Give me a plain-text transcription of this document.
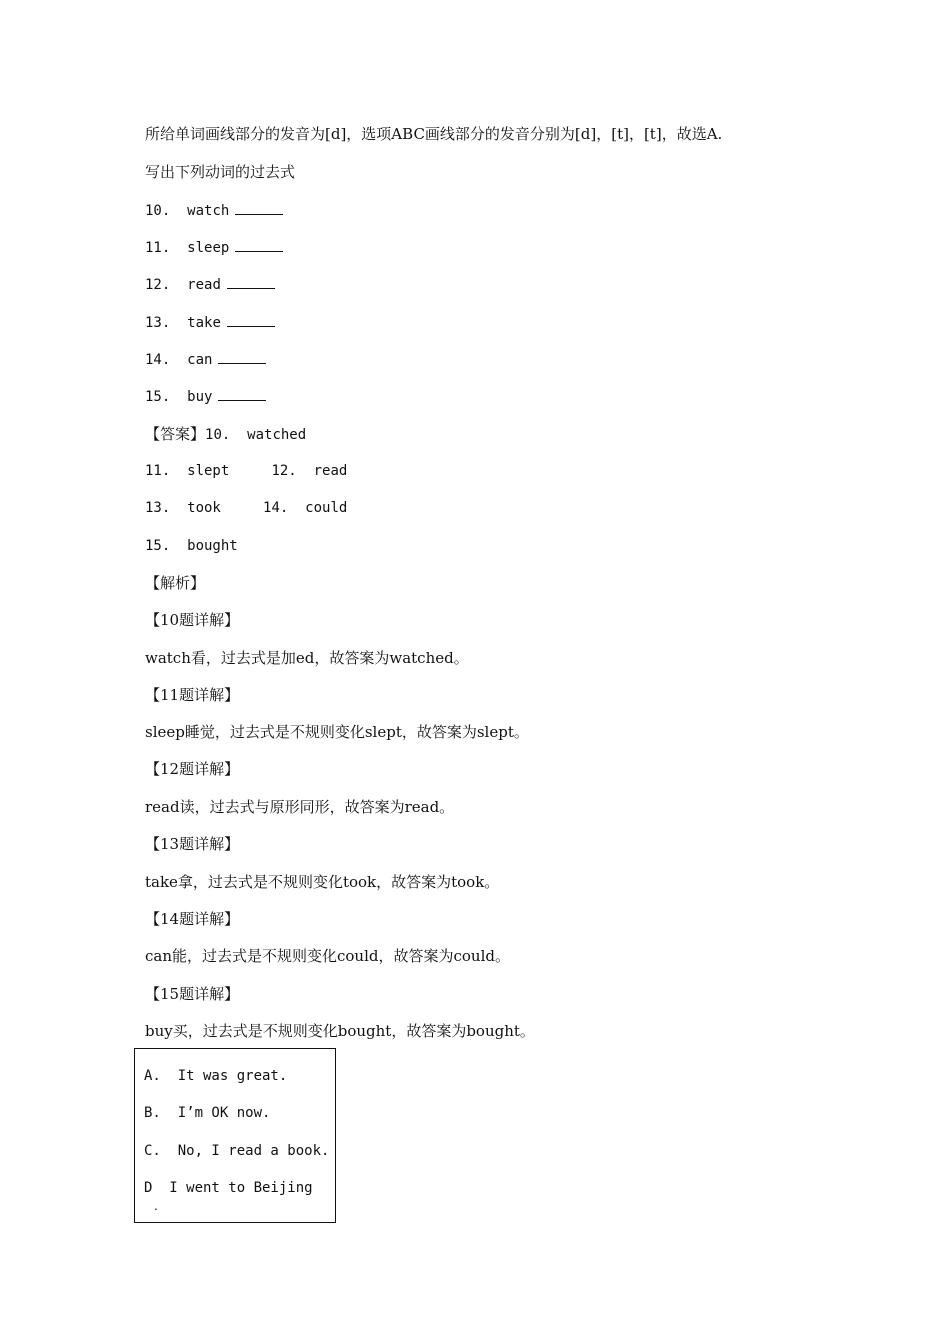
所给单词画线部分的发音为[d]，选项ABC画线部分的发音分别为[d]，[t]，[t]，故选A.
写出下列动词的过去式
10. watch
11. sleep
12. read
13. take
14. can
15. buy
【答案】10.  watched
11.  slept	12.  read
13.  took	14.  could
15.  bought
【解析】
【10题详解】
watch看，过去式是加ed，故答案为watched。
【11题详解】
sleep睡觉，过去式是不规则变化slept，故答案为slept。
【12题详解】
read读，过去式与原形同形，故答案为read。
【13题详解】
take拿，过去式是不规则变化took，故答案为took。
【14题详解】
can能，过去式是不规则变化could，故答案为could。
【15题详解】
buy买，过去式是不规则变化bought，故答案为bought。
A.  It was great.
B.  I’m OK now.
C.  No, I read a book.
D  I went to Beijing
.
